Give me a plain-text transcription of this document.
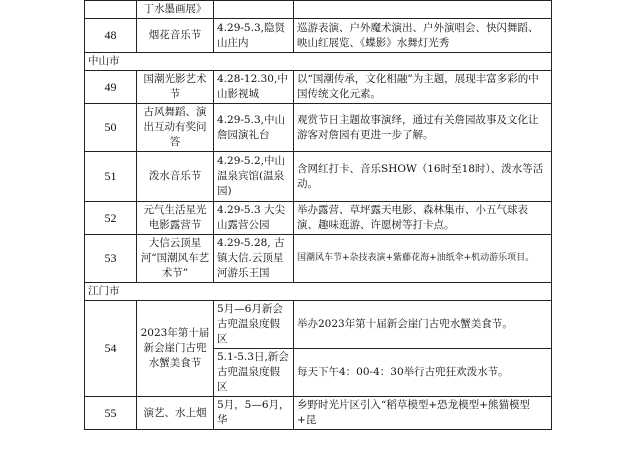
	丁水墨画展》		
48	烟花音乐节	4.29-5.3,隐贤山庄内	巡游表演、户外魔术演出、户外演唱会、快闪舞蹈、映山红展览、《蝶影》水舞灯光秀
中山市			
49	国潮光影艺术节	4.28-12.30,中山影视城	以“国潮传承，文化相融”为主题，展现丰富多彩的中国传统文化元素。
50	古风舞蹈、演出互动有奖问答	4.29-5.3,中山詹园演礼台	观赏节日主题故事演绎，通过有关詹园故事及文化让游客对詹园有更进一步了解。
51	泼水音乐节	4.29-5.2,中山温泉宾馆(温泉园)	含网红打卡、音乐SHOW（16时至18时）、泼水等活动。
52	元气生活星光电影露营节	4.29-5.3 大尖山露营公园	举办露营、草坪露天电影、森林集市、小五气球表演、趣味逛游、许愿树等打卡点。
53	大信云顶星河“国潮风车艺术节”	4.29-5.28, 古镇大信.云顶星河游乐王国	国潮风车节+杂技表演+紫藤花海+油纸伞+机动游乐项目。
江门市			
54	2023年第十届新会崖门古兜水蟹美食节	5月—6月新会古兜温泉度假区	举办2023年第十届新会崖门古兜水蟹美食节。
		5.1-5.3日,新会古兜温泉度假区	每天下午4：00-4：30举行古兜狂欢泼水节。
55	演艺、水上烟	5月，5—6月，华	乡野时光片区引入“稻草模型+恐龙模型+熊猫模型+昆
